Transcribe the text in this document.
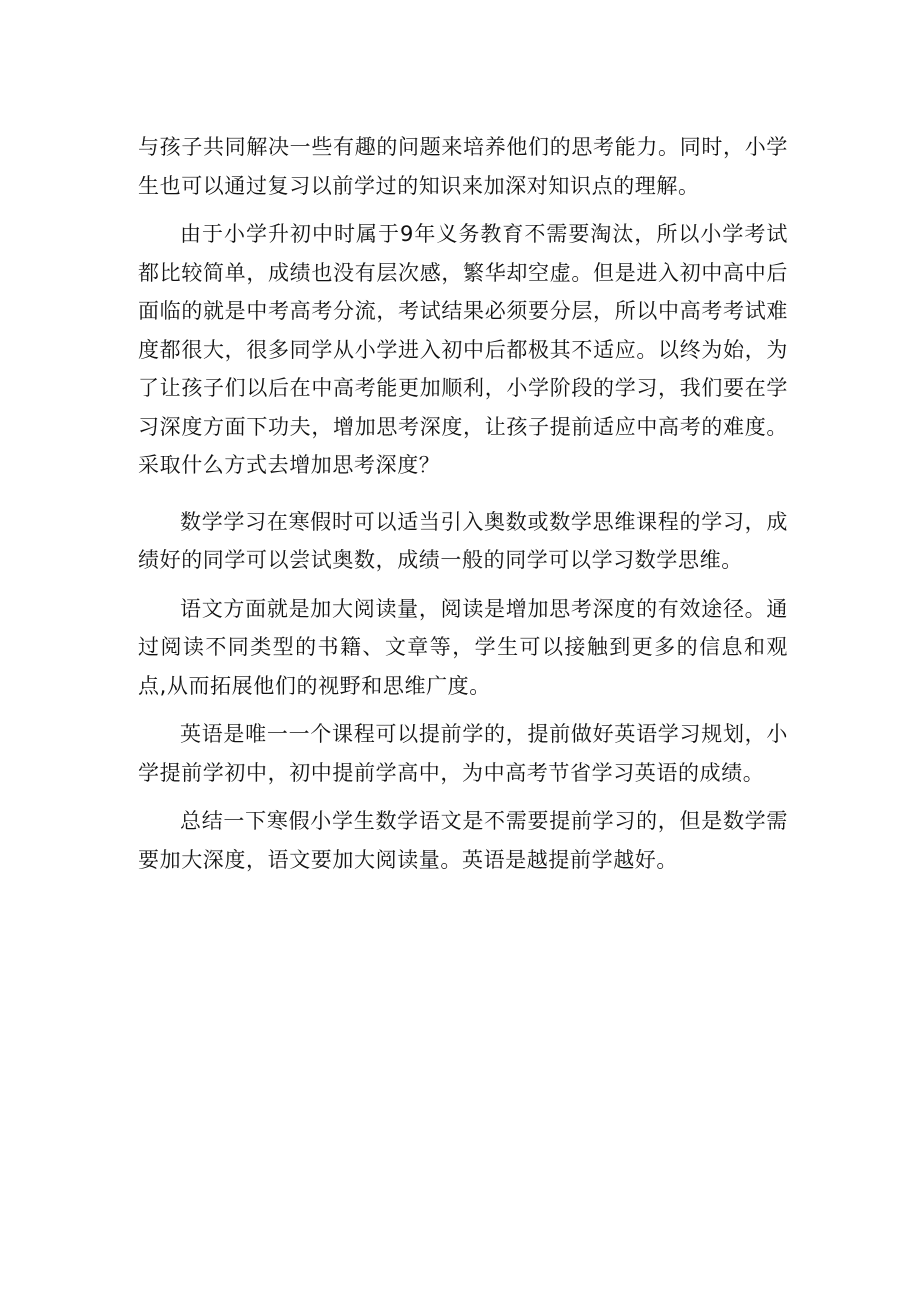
与孩子共同解决一些有趣的问题来培养他们的思考能力。同时，小学生也可以通过复习以前学过的知识来加深对知识点的理解。

由于小学升初中时属于9年义务教育不需要淘汰，所以小学考试都比较简单，成绩也没有层次感，繁华却空虚。但是进入初中高中后面临的就是中考高考分流，考试结果必须要分层，所以中高考考试难度都很大，很多同学从小学进入初中后都极其不适应。以终为始，为了让孩子们以后在中高考能更加顺利，小学阶段的学习，我们要在学习深度方面下功夫，增加思考深度，让孩子提前适应中高考的难度。采取什么方式去增加思考深度？

数学学习在寒假时可以适当引入奥数或数学思维课程的学习，成绩好的同学可以尝试奥数，成绩一般的同学可以学习数学思维。

语文方面就是加大阅读量，阅读是增加思考深度的有效途径。通过阅读不同类型的书籍、文章等，学生可以接触到更多的信息和观点,从而拓展他们的视野和思维广度。

英语是唯一一个课程可以提前学的，提前做好英语学习规划，小学提前学初中，初中提前学高中，为中高考节省学习英语的成绩。

总结一下寒假小学生数学语文是不需要提前学习的，但是数学需要加大深度，语文要加大阅读量。英语是越提前学越好。
